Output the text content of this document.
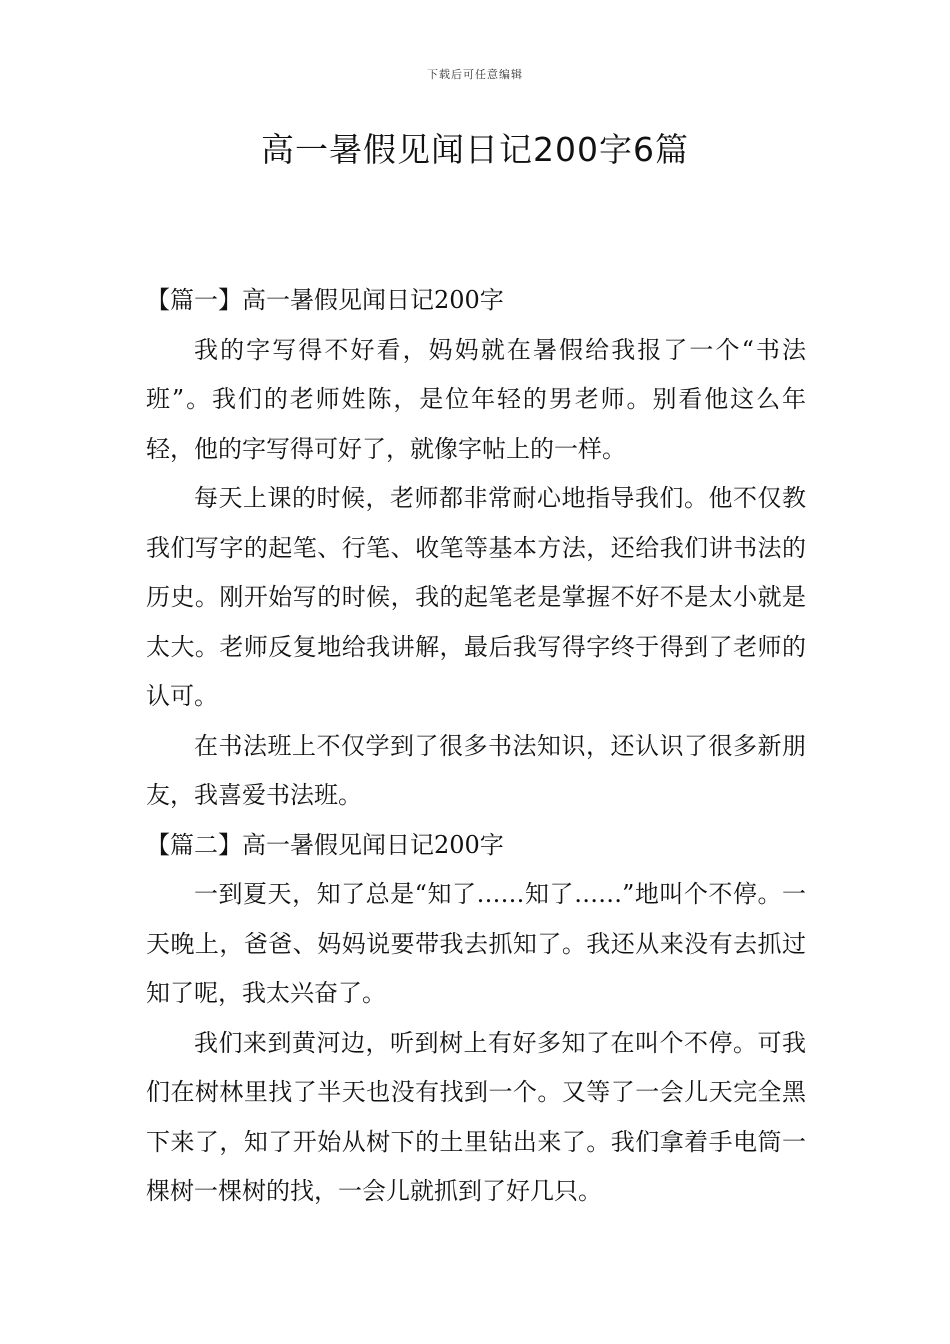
下载后可任意编辑
高一暑假见闻日记200字6篇

【篇一】高一暑假见闻日记200字

我的字写得不好看，妈妈就在暑假给我报了一个“书法班”。我们的老师姓陈，是位年轻的男老师。别看他这么年轻，他的字写得可好了，就像字帖上的一样。

每天上课的时候，老师都非常耐心地指导我们。他不仅教我们写字的起笔、行笔、收笔等基本方法，还给我们讲书法的历史。刚开始写的时候，我的起笔老是掌握不好不是太小就是太大。老师反复地给我讲解，最后我写得字终于得到了老师的认可。

在书法班上不仅学到了很多书法知识，还认识了很多新朋友，我喜爱书法班。

【篇二】高一暑假见闻日记200字

一到夏天，知了总是“知了……知了……”地叫个不停。一天晚上，爸爸、妈妈说要带我去抓知了。我还从来没有去抓过知了呢，我太兴奋了。

我们来到黄河边，听到树上有好多知了在叫个不停。可我们在树林里找了半天也没有找到一个。又等了一会儿天完全黑下来了，知了开始从树下的土里钻出来了。我们拿着手电筒一棵树一棵树的找，一会儿就抓到了好几只。
